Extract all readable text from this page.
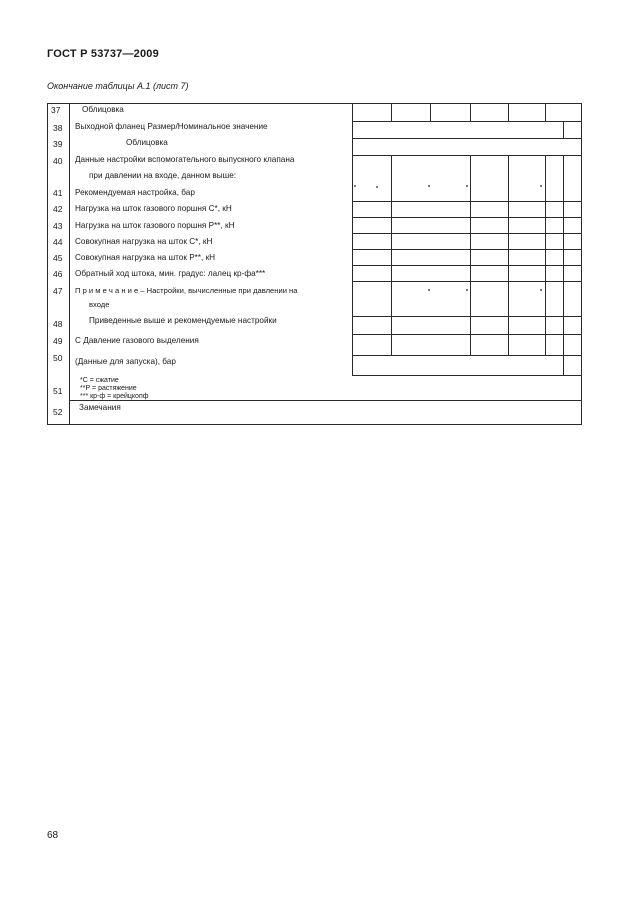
ГОСТ Р 53737—2009
Окончание таблицы А.1 (лист 7)
37
38
39
40
41
42
43
44
45
46
47
48
49
50
51
52
Облицовка
Выходной фланец Размер/Номинальное значение
Облицовка
Данные настройки вспомогательного выпускного клапана
при давлении на входе, данном выше:
Рекомендуемая настройка, бар
Нагрузка на шток газового поршня С*, кН
Нагрузка на шток газового поршня Р**, кН
Совокупная нагрузка на шток С*, кН
Совокупная нагрузка на шток Р**, кН
Обратный ход штока, мин. градус: лалец кр-фа***
П р и м е ч а н и е – Настройки, вычисленные при давлении на
входе
Приведенные выше и рекомендуемые настройки
С Давление газового выделения
(Данные для запуска), бар
*С = сжатие
**Р = растяжение
*** кр-ф = крейцкопф
Замечания
68
